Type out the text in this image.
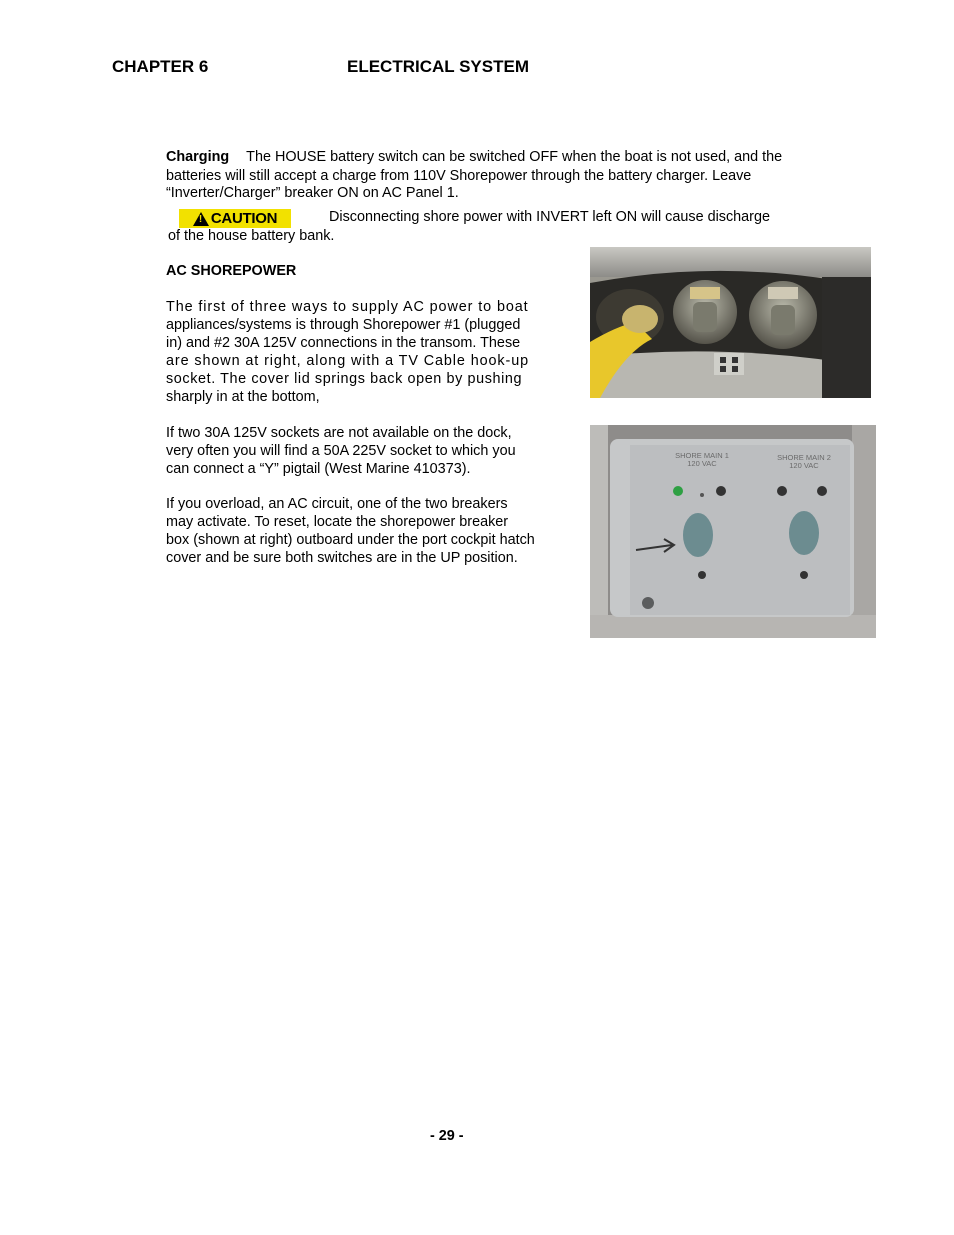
CHAPTER 6	ELECTRICAL SYSTEM
Charging The HOUSE battery switch can be switched OFF when the boat is not used, and the
batteries will still accept a charge from 110V Shorepower through the battery charger. Leave
“Inverter/Charger” breaker ON on AC Panel 1.
!
CAUTION	Disconnecting shore power with INVERT left ON will cause discharge
of the house battery bank.
AC SHOREPOWER
The first of three ways to supply AC power to boat
appliances/systems is through Shorepower #1 (plugged
in) and #2 30A 125V connections in the transom. These
are shown at right, along with a TV Cable hook-up
socket. The cover lid springs back open by pushing
sharply in at the bottom,
If two 30A 125V sockets are not available on the dock,
very often you will find a 50A 225V socket to which you
can connect a “Y” pigtail (West Marine 410373).
If you overload, an AC circuit, one of the two breakers
may activate. To reset, locate the shorepower breaker
box (shown at right) outboard under the port cockpit hatch
cover and be sure both switches are in the UP position.
SHORE MAIN 1
120 VAC
SHORE MAIN 2
120 VAC
- 29 -
